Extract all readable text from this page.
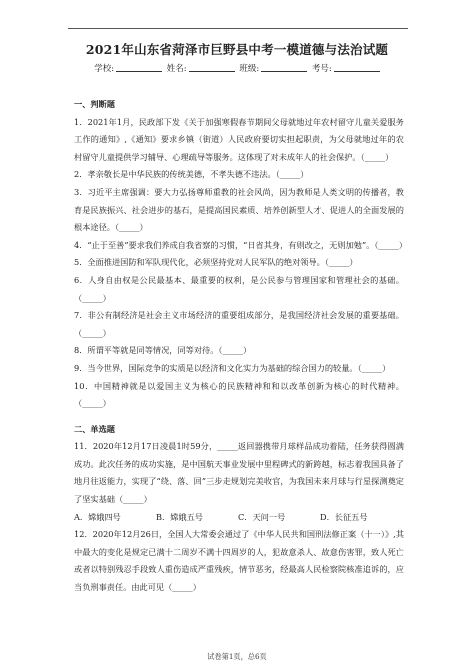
2021年山东省菏泽市巨野县中考一模道德与法治试题
学校:	姓名:	班级:	考号:

一、判断题

1．2021年1月，民政部下发《关于加强寒假春节期间父母就地过年农村留守儿童关爱服务工作的通知》,《通知》要求乡镇（街道）人民政府要切实担起职责，为父母就地过年的农村留守儿童提供学习辅导、心理疏导等服务。这体现了对未成年人的社会保护。（_____）

2．孝亲敬长是中华民族的传统美德，不孝失德不违法。（_____）

3．习近平主席强调：要大力弘扬尊师重教的社会风尚，因为教师是人类文明的传播者，教育是民族振兴、社会进步的基石，是提高国民素质、培养创新型人才、促进人的全面发展的根本途径。（_____）

4．“止于至善”要求我们养成自我省察的习惯，“日省其身，有则改之，无则加勉”。（_____）

5．全面推进国防和军队现代化，必须坚持党对人民军队的绝对领导。（_____）

6．人身自由权是公民最基本、最重要的权利，是公民参与管理国家和管理社会的基础。（_____）

7．非公有制经济是社会主义市场经济的重要组成部分，是我国经济社会发展的重要基础。（_____）

8．所谓平等就是同等情况，同等对待。（_____）

9．当今世界，国际竞争的实质是以经济和文化实力为基础的综合国力的较量。（_____）

10．中国精神就是以爱国主义为核心的民族精神和和以改革创新为核心的时代精神。（_____）

二、单选题

11．2020年12月17日凌晨1时59分，_____返回器携带月球样品成功着陆，任务获得圆满成功。此次任务的成功实施，是中国航天事业发展中里程碑式的新跨越，标志着我国具备了地月往返能力，实现了“绕、落、回”三步走规划完美收官，为我国未来月球与行星探测奠定了坚实基础（_____）

A．嫦娥四号	B．嫦娥五号	C．天问一号	D．长征五号

12．2020年12月26日，全国人大常委会通过了《中华人民共和国刑法修正案（十一）》,其中最大的变化是规定已满十二周岁不满十四周岁的人，犯故意杀人、故意伤害罪，致人死亡或者以特别残忍手段致人重伤造成严重残疾，情节恶劣，经最高人民检察院核准追诉的，应当负刑事责任。由此可见（_____）

试卷第1页，总6页
